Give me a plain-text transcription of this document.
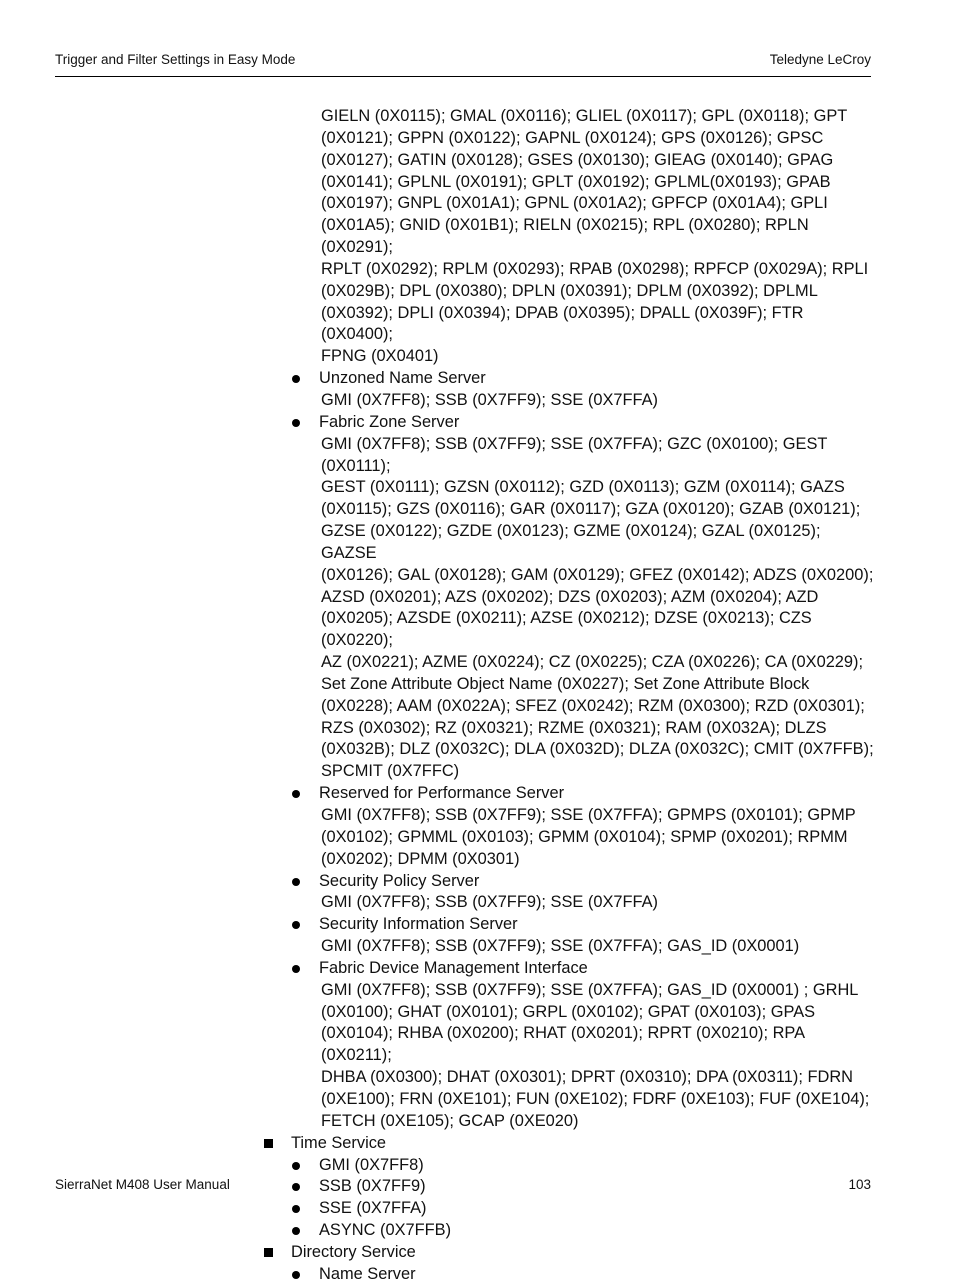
Trigger and Filter Settings in Easy Mode	Teledyne LeCroy
GIELN (0X0115); GMAL (0X0116); GLIEL (0X0117); GPL (0X0118); GPT
(0X0121); GPPN (0X0122); GAPNL (0X0124); GPS (0X0126); GPSC
(0X0127); GATIN (0X0128); GSES (0X0130); GIEAG (0X0140); GPAG
(0X0141); GPLNL (0X0191); GPLT (0X0192); GPLML(0X0193); GPAB
(0X0197); GNPL (0X01A1); GPNL (0X01A2); GPFCP (0X01A4); GPLI
(0X01A5); GNID (0X01B1); RIELN (0X0215); RPL (0X0280); RPLN (0X0291);
RPLT (0X0292); RPLM (0X0293); RPAB (0X0298); RPFCP (0X029A); RPLI
(0X029B); DPL (0X0380); DPLN (0X0391); DPLM (0X0392); DPLML
(0X0392); DPLI (0X0394); DPAB (0X0395); DPALL (0X039F); FTR (0X0400);
FPNG (0X0401)
Unzoned Name Server
GMI (0X7FF8); SSB (0X7FF9); SSE (0X7FFA)
Fabric Zone Server
GMI (0X7FF8); SSB (0X7FF9); SSE (0X7FFA); GZC (0X0100); GEST (0X0111);
GEST (0X0111); GZSN (0X0112); GZD (0X0113); GZM (0X0114); GAZS
(0X0115); GZS (0X0116); GAR (0X0117); GZA (0X0120); GZAB (0X0121);
GZSE (0X0122); GZDE (0X0123); GZME (0X0124); GZAL (0X0125); GAZSE
(0X0126); GAL (0X0128); GAM (0X0129); GFEZ (0X0142); ADZS (0X0200);
AZSD (0X0201); AZS (0X0202); DZS (0X0203); AZM (0X0204); AZD
(0X0205); AZSDE (0X0211); AZSE (0X0212); DZSE (0X0213); CZS (0X0220);
AZ (0X0221); AZME (0X0224); CZ (0X0225); CZA (0X0226); CA (0X0229);
Set Zone Attribute Object Name (0X0227); Set Zone Attribute Block
(0X0228); AAM (0X022A); SFEZ (0X0242); RZM (0X0300); RZD (0X0301);
RZS (0X0302); RZ (0X0321); RZME (0X0321); RAM (0X032A); DLZS
(0X032B); DLZ (0X032C); DLA (0X032D); DLZA (0X032C); CMIT (0X7FFB);
SPCMIT (0X7FFC)
Reserved for Performance Server
GMI (0X7FF8); SSB (0X7FF9); SSE (0X7FFA); GPMPS (0X0101); GPMP
(0X0102); GPMML (0X0103); GPMM (0X0104); SPMP (0X0201); RPMM
(0X0202); DPMM (0X0301)
Security Policy Server
GMI (0X7FF8); SSB (0X7FF9); SSE (0X7FFA)
Security Information Server
GMI (0X7FF8); SSB (0X7FF9); SSE (0X7FFA); GAS_ID (0X0001)
Fabric Device Management Interface
GMI (0X7FF8); SSB (0X7FF9); SSE (0X7FFA); GAS_ID (0X0001) ; GRHL
(0X0100); GHAT (0X0101); GRPL (0X0102); GPAT (0X0103); GPAS
(0X0104); RHBA (0X0200); RHAT (0X0201); RPRT (0X0210); RPA (0X0211);
DHBA (0X0300); DHAT (0X0301); DPRT (0X0310); DPA (0X0311); FDRN
(0XE100); FRN (0XE101); FUN (0XE102); FDRF (0XE103); FUF (0XE104);
FETCH (0XE105); GCAP (0XE020)
Time Service
GMI (0X7FF8)
SSB (0X7FF9)
SSE (0X7FFA)
ASYNC (0X7FFB)
Directory Service
Name Server
SierraNet M408 User Manual	103
